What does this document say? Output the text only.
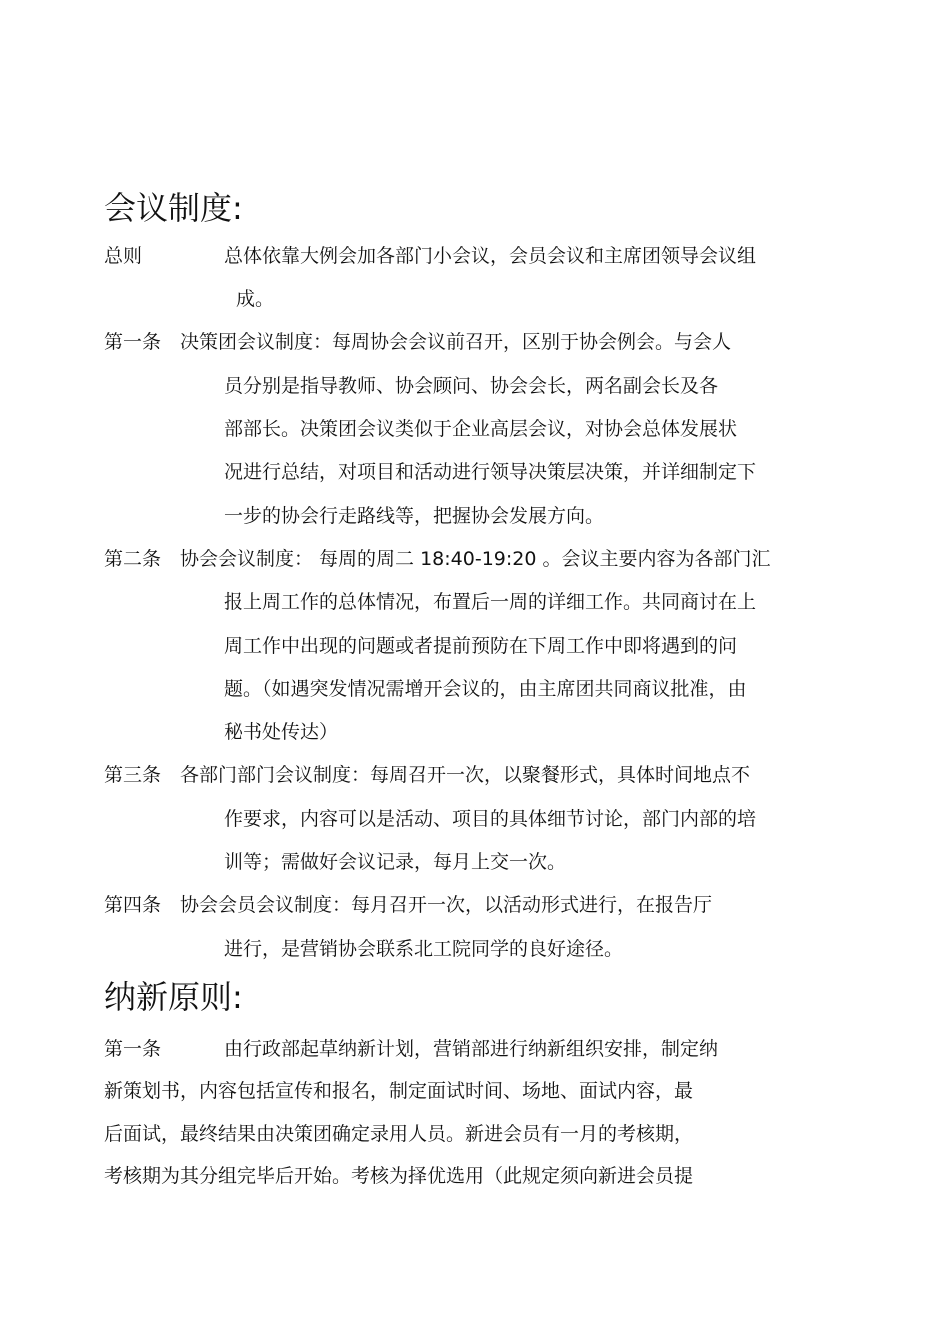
会议制度:
总则	总体依靠大例会加各部门小会议，会员会议和主席团领导会议组
成。
第一条 决策团会议制度：每周协会会议前召开，区别于协会例会。与会人
员分别是指导教师、协会顾问、协会会长，两名副会长及各
部部长。决策团会议类似于企业高层会议，对协会总体发展状
况进行总结，对项目和活动进行领导决策层决策，并详细制定下
一步的协会行走路线等，把握协会发展方向。
第二条 协会会议制度： 每周的周二 18:40-19:20 。会议主要内容为各部门汇
报上周工作的总体情况，布置后一周的详细工作。共同商讨在上
周工作中出现的问题或者提前预防在下周工作中即将遇到的问
题。（如遇突发情况需增开会议的，由主席团共同商议批准，由
秘书处传达）
第三条 各部门部门会议制度：每周召开一次，以聚餐形式，具体时间地点不
作要求，内容可以是活动、项目的具体细节讨论，部门内部的培
训等；需做好会议记录，每月上交一次。
第四条 协会会员会议制度：每月召开一次，以活动形式进行，在报告厅
进行，是营销协会联系北工院同学的良好途径。
纳新原则:
第一条	由行政部起草纳新计划，营销部进行纳新组织安排，制定纳
新策划书，内容包括宣传和报名，制定面试时间、场地、面试内容，最
后面试，最终结果由决策团确定录用人员。新进会员有一月的考核期，
考核期为其分组完毕后开始。考核为择优选用（此规定须向新进会员提
